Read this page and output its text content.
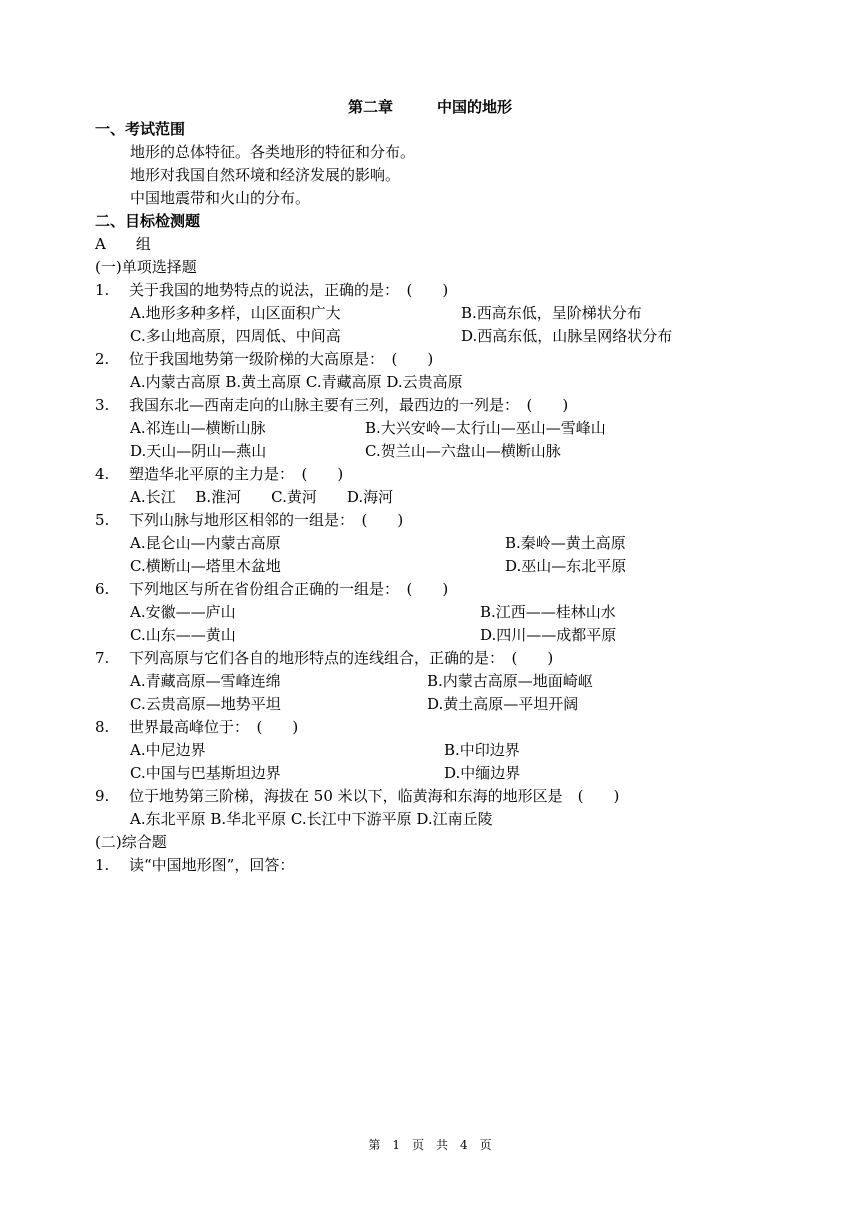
第二章	中国的地形
一、考试范围
地形的总体特征。各类地形的特征和分布。
地形对我国自然环境和经济发展的影响。
中国地震带和火山的分布。
二、目标检测题
A　　组
(一)单项选择题
1. 关于我国的地势特点的说法，正确的是：　(　　)
A.地形多种多样，山区面积广大	B.西高东低，呈阶梯状分布
C.多山地高原，四周低、中间高	D.西高东低，山脉呈网络状分布
2. 位于我国地势第一级阶梯的大高原是：　(　　)
A.内蒙古高原 B.黄土高原 C.青藏高原 D.云贵高原
3. 我国东北—西南走向的山脉主要有三列，最西边的一列是：　(　　)
A.祁连山—横断山脉	B.大兴安岭—太行山—巫山—雪峰山
D.天山—阴山—燕山	C.贺兰山—六盘山—横断山脉
4. 塑造华北平原的主力是：　(　　)
A.长江　 B.淮河　　C.黄河　　D.海河
5. 下列山脉与地形区相邻的一组是：　(　　)
A.昆仑山—内蒙古高原	B.秦岭—黄土高原
C.横断山—塔里木盆地	D.巫山—东北平原
6. 下列地区与所在省份组合正确的一组是：　(　　)
A.安徽——庐山	B.江西——桂林山水
C.山东——黄山	D.四川——成都平原
7. 下列高原与它们各自的地形特点的连线组合，正确的是：　(　　)
A.青藏高原—雪峰连绵	B.内蒙古高原—地面崎岖
C.云贵高原—地势平坦	D.黄土高原—平坦开阔
8. 世界最高峰位于：　(　　)
A.中尼边界	B.中印边界
C.中国与巴基斯坦边界	D.中缅边界
9. 位于地势第三阶梯，海拔在 50 米以下，临黄海和东海的地形区是　(　　)
A.东北平原 B.华北平原 C.长江中下游平原 D.江南丘陵
(二)综合题
1. 读“中国地形图”，回答：
第　1　页　共　4　页
